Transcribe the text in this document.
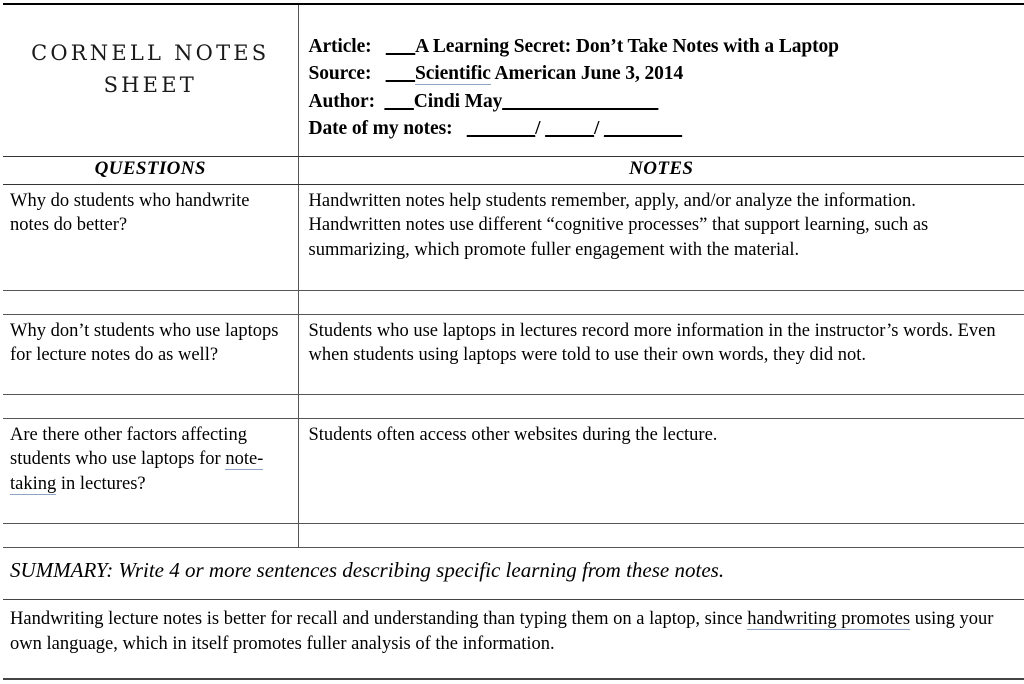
CORNELL NOTES
SHEET

Article: ___A Learning Secret: Don’t Take Notes with a Laptop
Source: ___Scientific American June 3, 2014
Author: ___Cindi May________________
Date of my notes: _______/ _____/ ________

QUESTIONS	NOTES
Why do students who handwrite notes do better?	Handwritten notes help students remember, apply, and/or analyze the information. Handwritten notes use different “cognitive processes” that support learning, such as summarizing, which promote fuller engagement with the material.

Why don’t students who use laptops for lecture notes do as well?	Students who use laptops in lectures record more information in the instructor’s words. Even when students using laptops were told to use their own words, they did not.

Are there other factors affecting students who use laptops for note-taking in lectures?	Students often access other websites during the lecture.

SUMMARY: Write 4 or more sentences describing specific learning from these notes.	
Handwriting lecture notes is better for recall and understanding than typing them on a laptop, since handwriting promotes using your own language, which in itself promotes fuller analysis of the information.	
